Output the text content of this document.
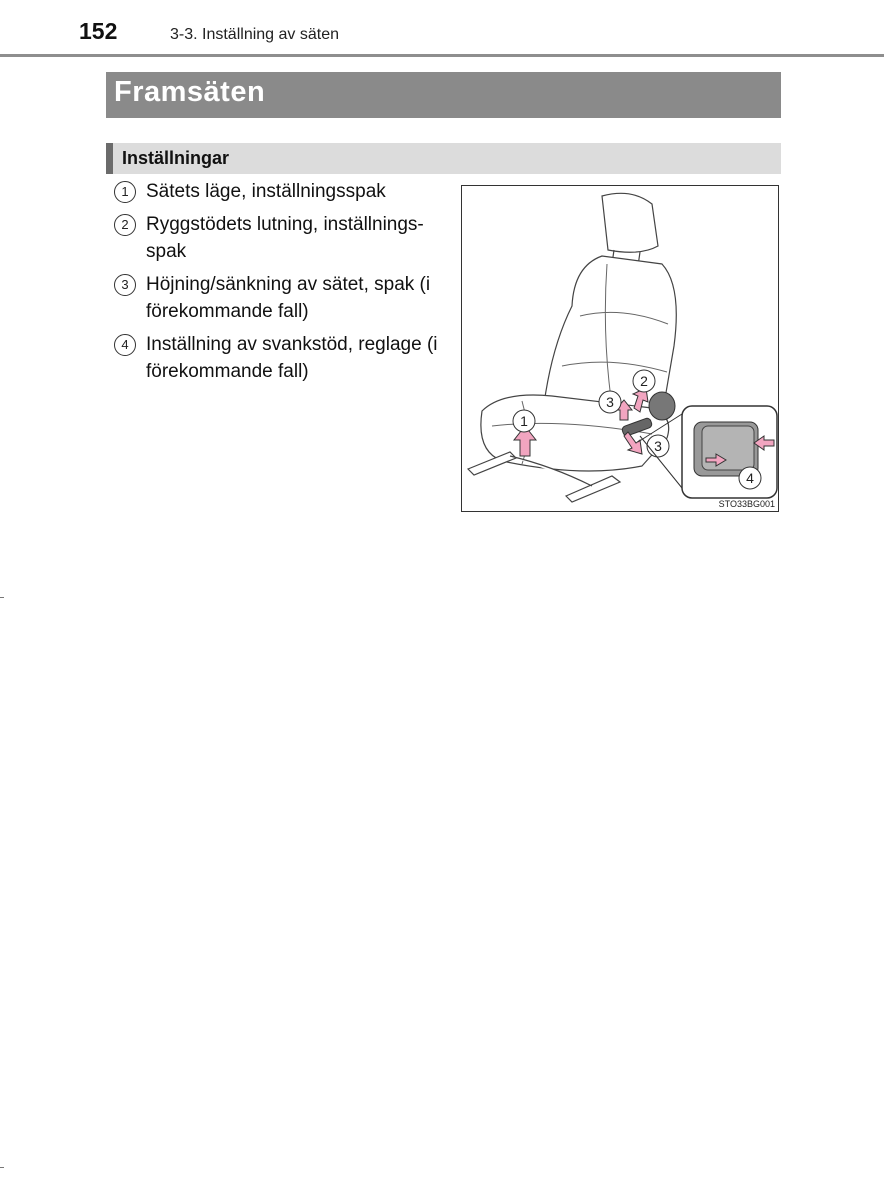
152	3-3. Inställning av säten
Framsäten
Inställningar
1 Sätets läge, inställningsspak
2 Ryggstödets lutning, inställnings-spak
3 Höjning/sänkning av sätet, spak (i förekommande fall)
4 Inställning av svankstöd, reglage (i förekommande fall)
1
2
3
3
4
STO33BG001
